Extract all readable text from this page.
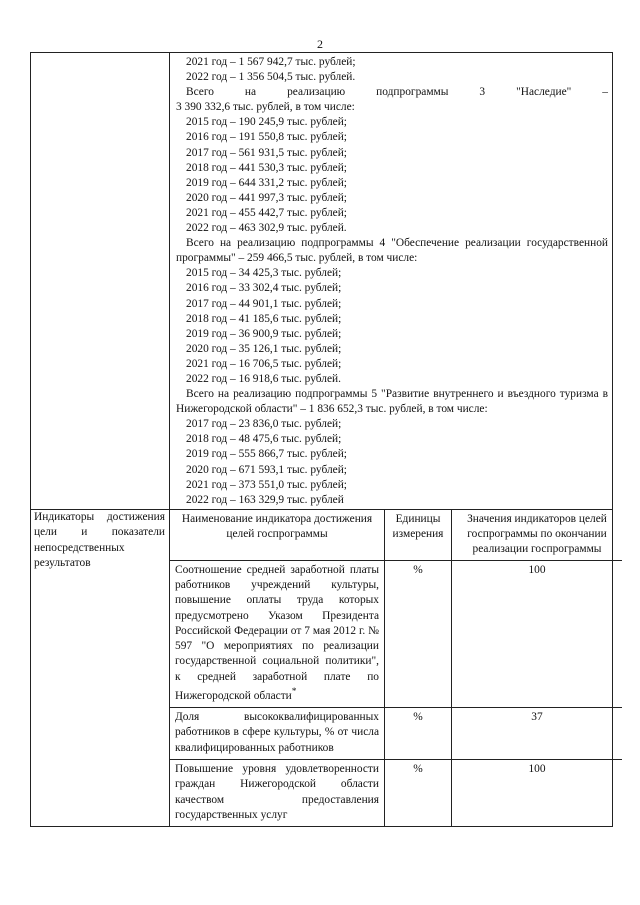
2

2021 год – 1 567 942,7 тыс. рублей;
2022 год – 1 356 504,5 тыс. рублей.
Всего на реализацию подпрограммы 3 "Наследие" –
3 390 332,6 тыс. рублей, в том числе:
2015 год – 190 245,9 тыс. рублей;
2016 год – 191 550,8 тыс. рублей;
2017 год – 561 931,5 тыс. рублей;
2018 год – 441 530,3 тыс. рублей;
2019 год – 644 331,2 тыс. рублей;
2020 год – 441 997,3 тыс. рублей;
2021 год – 455 442,7 тыс. рублей;
2022 год – 463 302,9 тыс. рублей.
Всего на реализацию подпрограммы 4 "Обеспечение реализации государственной программы" – 259 466,5 тыс. рублей, в том числе:
2015 год – 34 425,3 тыс. рублей;
2016 год – 33 302,4 тыс. рублей;
2017 год – 44 901,1 тыс. рублей;
2018 год – 41 185,6 тыс. рублей;
2019 год – 36 900,9 тыс. рублей;
2020 год – 35 126,1 тыс. рублей;
2021 год – 16 706,5 тыс. рублей;
2022 год – 16 918,6 тыс. рублей.
Всего на реализацию подпрограммы 5 "Развитие внутреннего и въездного туризма в Нижегородской области" – 1 836 652,3 тыс. рублей, в том числе:
2017 год – 23 836,0 тыс. рублей;
2018 год – 48 475,6 тыс. рублей;
2019 год – 555 866,7 тыс. рублей;
2020 год – 671 593,1 тыс. рублей;
2021 год – 373 551,0 тыс. рублей;
2022 год – 163 329,9 тыс. рублей

Индикаторы достижения цели и показатели непосредственных результатов

Наименование индикатора достижения целей госпрограммы	Единицы измерения	Значения индикаторов целей госпрограммы по окончании реализации госпрограммы
Соотношение средней заработной платы работников учреждений культуры, повышение оплаты труда которых предусмотрено Указом Президента Российской Федерации от 7 мая 2012 г. № 597 "О мероприятиях по реализации государственной социальной политики", к средней заработной плате по Нижегородской области*	%	100
Доля высококвалифицированных работников в сфере культуры, % от числа квалифицированных работников	%	37
Повышение уровня удовлетворенности граждан Нижегородской области качеством предоставления государственных услуг	%	100
